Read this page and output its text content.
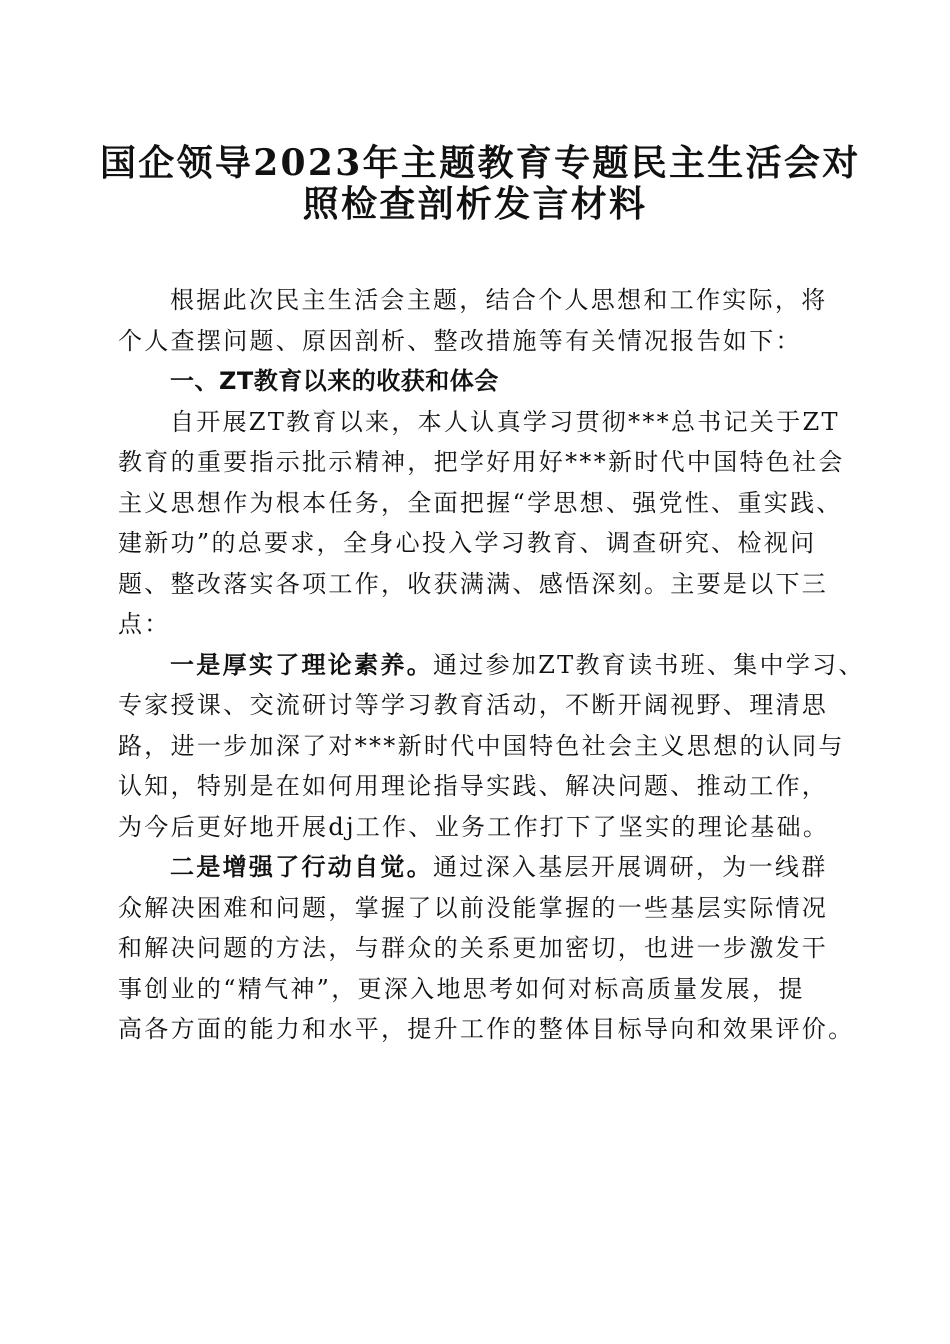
国企领导2023年主题教育专题民主生活会对
照检查剖析发言材料
根据此次民主生活会主题，结合个人思想和工作实际，将
个人查摆问题、原因剖析、整改措施等有关情况报告如下：
一、ZT教育以来的收获和体会
自开展ZT教育以来，本人认真学习贯彻***总书记关于ZT
教育的重要指示批示精神，把学好用好***新时代中国特色社会
主义思想作为根本任务，全面把握“学思想、强党性、重实践、
建新功”的总要求，全身心投入学习教育、调查研究、检视问
题、整改落实各项工作，收获满满、感悟深刻。主要是以下三
点：
一是厚实了理论素养。通过参加ZT教育读书班、集中学习、
专家授课、交流研讨等学习教育活动，不断开阔视野、理清思
路，进一步加深了对***新时代中国特色社会主义思想的认同与
认知，特别是在如何用理论指导实践、解决问题、推动工作，
为今后更好地开展dj工作、业务工作打下了坚实的理论基础。
二是增强了行动自觉。通过深入基层开展调研，为一线群
众解决困难和问题，掌握了以前没能掌握的一些基层实际情况
和解决问题的方法，与群众的关系更加密切，也进一步激发干
事创业的“精气神”，更深入地思考如何对标高质量发展，提
高各方面的能力和水平，提升工作的整体目标导向和效果评价。
